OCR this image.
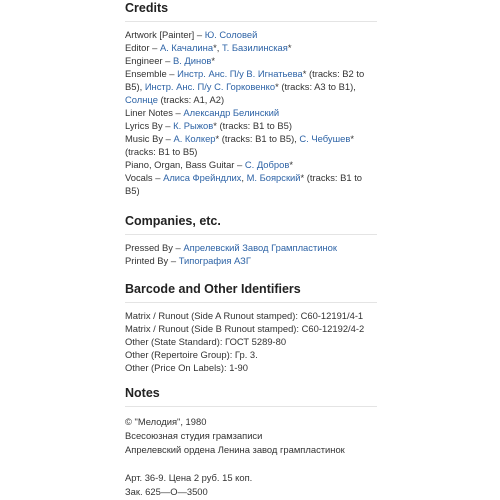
Credits
Artwork [Painter] – Ю. Соловей
Editor – А. Качалина*, Т. Базилинская*
Engineer – В. Динов*
Ensemble – Инстр. Анс. П/у В. Игнатьева* (tracks: B2 to
B5), Инстр. Анс. П/у С. Горковенко* (tracks: A3 to B1),
Солнце (tracks: A1, A2)
Liner Notes – Александр Белинский
Lyrics By – К. Рыжов* (tracks: B1 to B5)
Music By – А. Колкер* (tracks: B1 to B5), С. Чебушев*
(tracks: B1 to B5)
Piano, Organ, Bass Guitar – С. Добров*
Vocals – Алиса Фрейндлих, М. Боярский* (tracks: B1 to
B5)
Companies, etc.
Pressed By – Апрелевский Завод Грампластинок
Printed By – Типография АЗГ
Barcode and Other Identifiers
Matrix / Runout (Side A Runout stamped): C60-12191/4-1
Matrix / Runout (Side B Runout stamped): C60-12192/4-2
Other (State Standard): ГОСТ 5289-80
Other (Repertoire Group): Гр. 3.
Other (Price On Labels): 1-90
Notes
© "Мелодия", 1980
Всесоюзная студия грамзаписи
Апрелевский ордена Ленина завод грампластинок
Арт. 36-9. Цена 2 руб. 15 коп.
Зак. 625—О—3500
